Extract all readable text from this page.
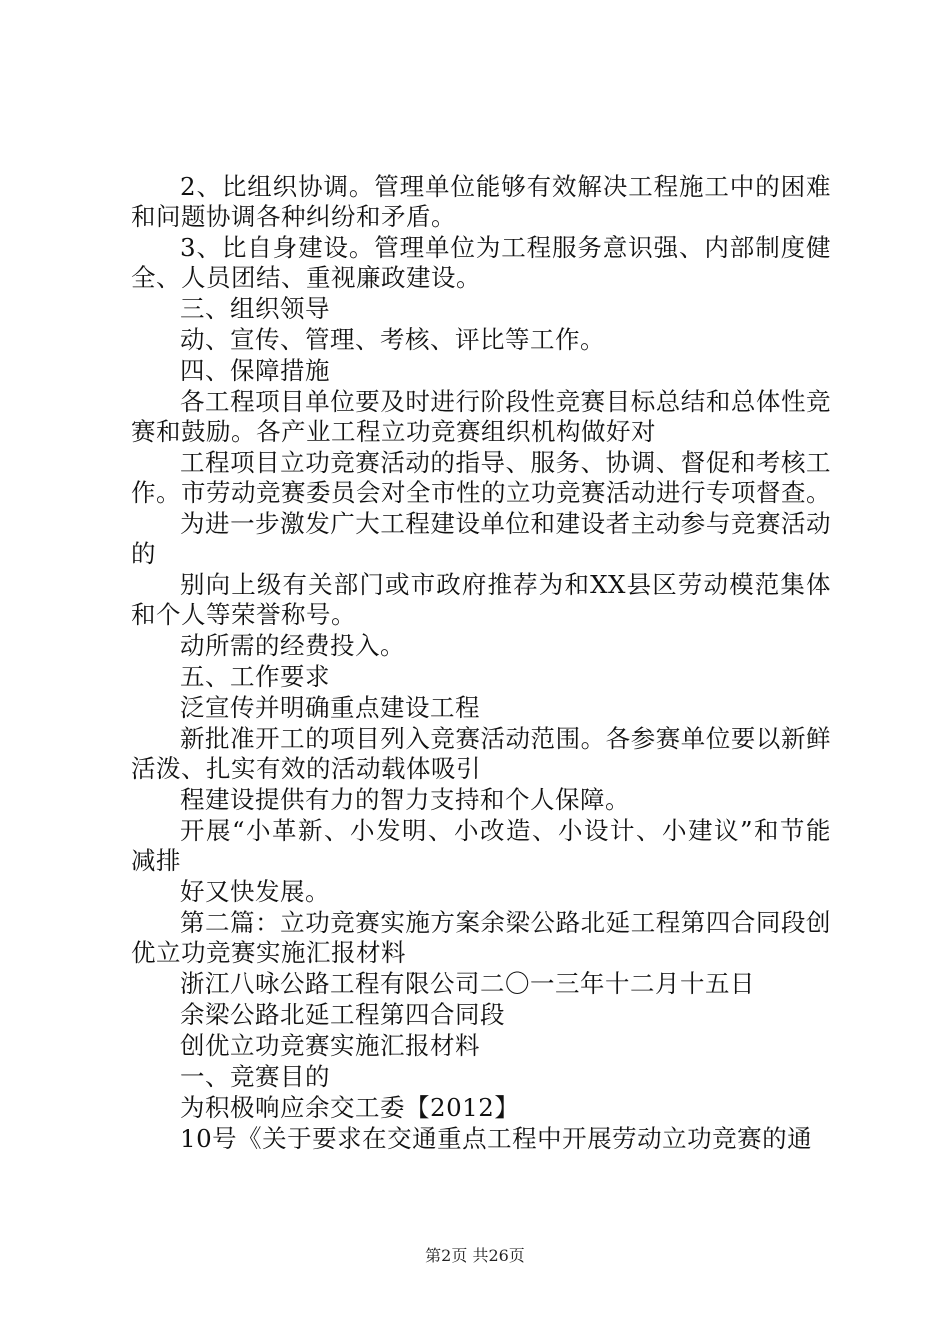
2、比组织协调。管理单位能够有效解决工程施工中的困难和问题协调各种纠纷和矛盾。

3、比自身建设。管理单位为工程服务意识强、内部制度健全、人员团结、重视廉政建设。

三、组织领导

动、宣传、管理、考核、评比等工作。

四、保障措施

各工程项目单位要及时进行阶段性竞赛目标总结和总体性竞赛和鼓励。各产业工程立功竞赛组织机构做好对

工程项目立功竞赛活动的指导、服务、协调、督促和考核工作。市劳动竞赛委员会对全市性的立功竞赛活动进行专项督查。

为进一步激发广大工程建设单位和建设者主动参与竞赛活动的

别向上级有关部门或市政府推荐为和XX县区劳动模范集体和个人等荣誉称号。

动所需的经费投入。

五、工作要求

泛宣传并明确重点建设工程

新批准开工的项目列入竞赛活动范围。各参赛单位要以新鲜活泼、扎实有效的活动载体吸引

程建设提供有力的智力支持和个人保障。

开展“小革新、小发明、小改造、小设计、小建议”和节能减排

好又快发展。

第二篇：立功竞赛实施方案余梁公路北延工程第四合同段创优立功竞赛实施汇报材料

浙江八咏公路工程有限公司二〇一三年十二月十五日

余梁公路北延工程第四合同段

创优立功竞赛实施汇报材料

一、竞赛目的

为积极响应余交工委【2012】

10号《关于要求在交通重点工程中开展劳动立功竞赛的通

第2页 共26页
